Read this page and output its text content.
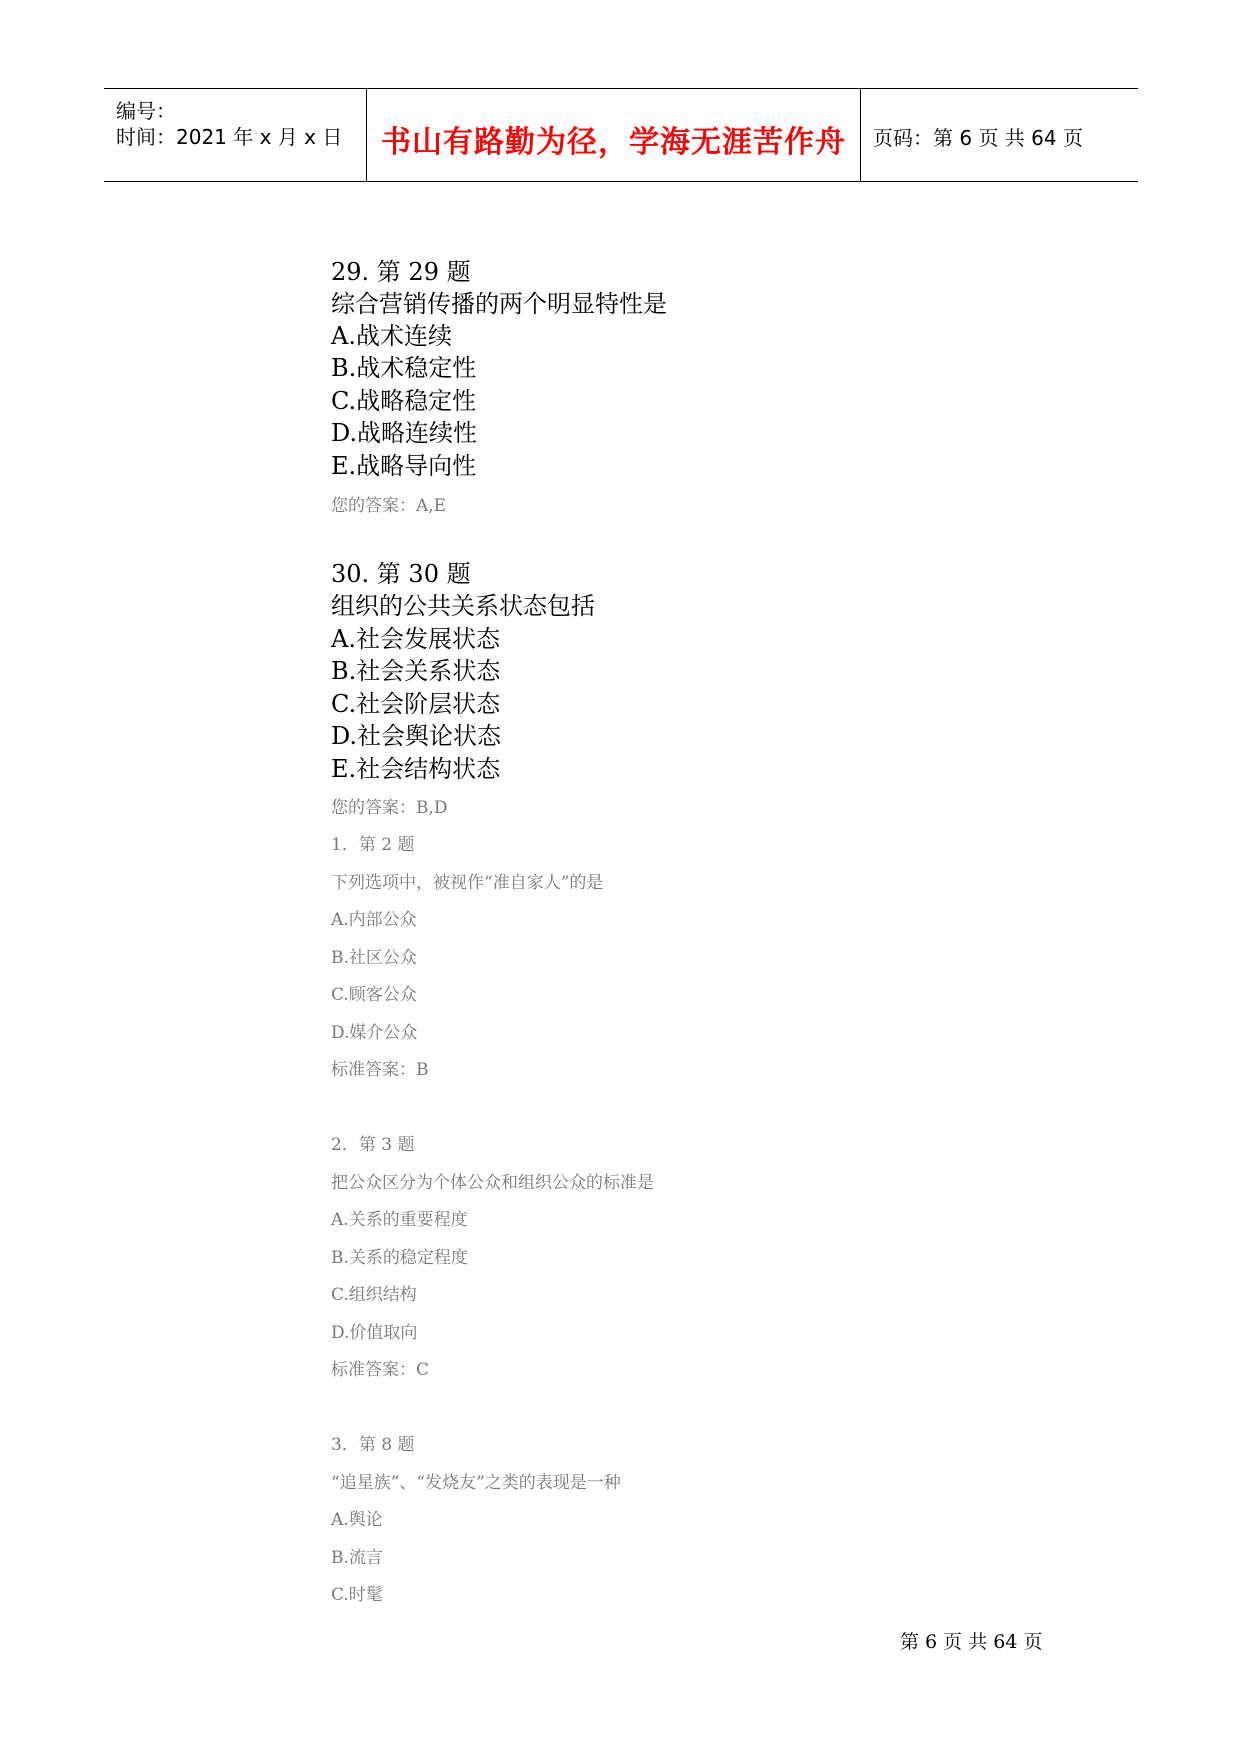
编号：
时间：2021 年 x 月 x 日	书山有路勤为径，学海无涯苦作舟	页码：第 6 页 共 64 页
29. 第 29 题
综合营销传播的两个明显特性是
A.战术连续
B.战术稳定性
C.战略稳定性
D.战略连续性
E.战略导向性
您的答案：A,E
30. 第 30 题
组织的公共关系状态包括
A.社会发展状态
B.社会关系状态
C.社会阶层状态
D.社会舆论状态
E.社会结构状态
您的答案：B,D
1．第 2 题
下列选项中，被视作“准自家人”的是
A.内部公众
B.社区公众
C.顾客公众
D.媒介公众
标准答案：B
2．第 3 题
把公众区分为个体公众和组织公众的标准是
A.关系的重要程度
B.关系的稳定程度
C.组织结构
D.价值取向
标准答案：C
3．第 8 题
“追星族”、“发烧友”之类的表现是一种
A.舆论
B.流言
C.时髦
第 6 页 共 64 页
